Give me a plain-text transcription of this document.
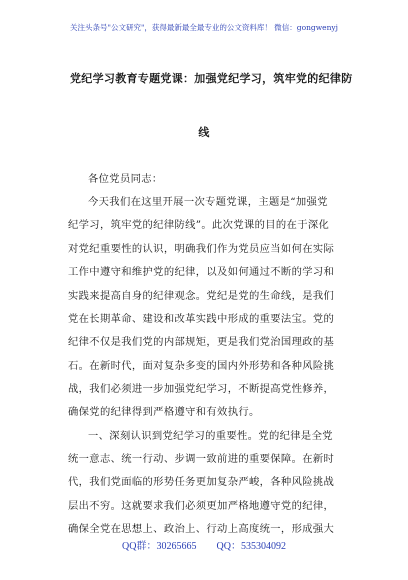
关注头条号"公文研究"，获得最新最全最专业的公文资料库！ 微信：gongwenyj
党纪学习教育专题党课：加强党纪学习，筑牢党的纪律防
线
各位党员同志：
今天我们在这里开展一次专题党课，主题是“加强党
纪学习，筑牢党的纪律防线”。此次党课的目的在于深化
对党纪重要性的认识，明确我们作为党员应当如何在实际
工作中遵守和维护党的纪律，以及如何通过不断的学习和
实践来提高自身的纪律观念。党纪是党的生命线，是我们
党在长期革命、建设和改革实践中形成的重要法宝。党的
纪律不仅是我们党的内部规矩，更是我们党治国理政的基
石。在新时代，面对复杂多变的国内外形势和各种风险挑
战，我们必须进一步加强党纪学习，不断提高党性修养，
确保党的纪律得到严格遵守和有效执行。
一、深刻认识到党纪学习的重要性。党的纪律是全党
统一意志、统一行动、步调一致前进的重要保障。在新时
代，我们党面临的形势任务更加复杂严峻，各种风险挑战
层出不穷。这就要求我们必须更加严格地遵守党的纪律，
确保全党在思想上、政治上、行动上高度统一，形成强大
QQ群：30265665 QQ：535304092
